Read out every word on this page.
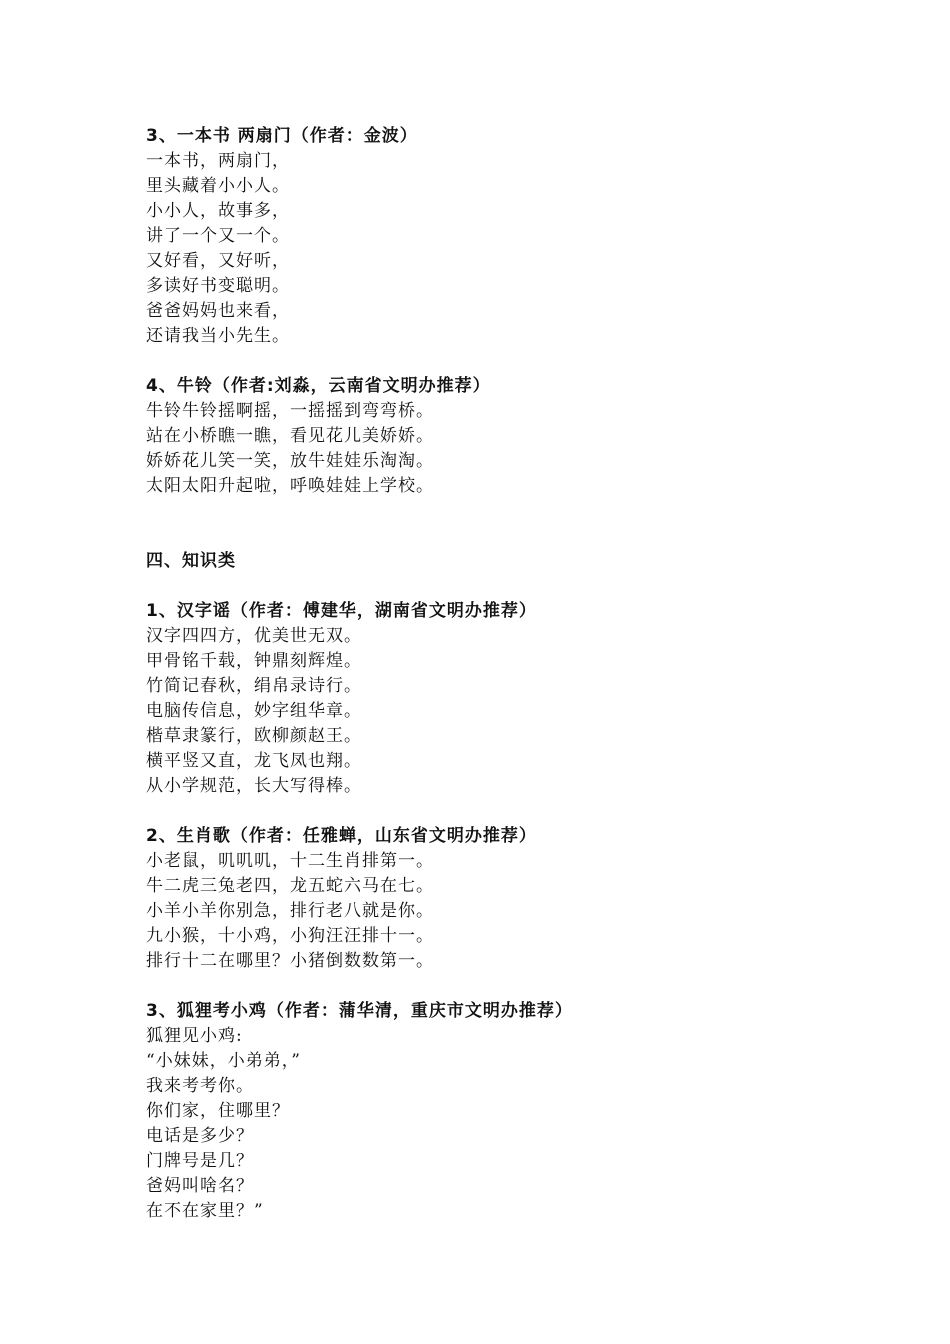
3、一本书 两扇门（作者：金波）
一本书，两扇门，
里头藏着小小人。
小小人，故事多，
讲了一个又一个。
又好看，又好听，
多读好书变聪明。
爸爸妈妈也来看，
还请我当小先生。
4、牛铃（作者:刘淼，云南省文明办推荐）
牛铃牛铃摇啊摇，一摇摇到弯弯桥。
站在小桥瞧一瞧，看见花儿美娇娇。
娇娇花儿笑一笑，放牛娃娃乐淘淘。
太阳太阳升起啦，呼唤娃娃上学校。
四、知识类
1、汉字谣（作者：傅建华，湖南省文明办推荐）
汉字四四方，优美世无双。
甲骨铭千载，钟鼎刻辉煌。
竹简记春秋，绢帛录诗行。
电脑传信息，妙字组华章。
楷草隶篆行，欧柳颜赵王。
横平竖又直，龙飞凤也翔。
从小学规范，长大写得棒。
2、生肖歌（作者：任雅蝉，山东省文明办推荐）
小老鼠，叽叽叽，十二生肖排第一。
牛二虎三兔老四，龙五蛇六马在七。
小羊小羊你别急，排行老八就是你。
九小猴，十小鸡，小狗汪汪排十一。
排行十二在哪里？小猪倒数数第一。
3、狐狸考小鸡（作者：蒲华清，重庆市文明办推荐）
狐狸见小鸡:
“小妹妹，小弟弟，”
我来考考你。
你们家，住哪里？
电话是多少？
门牌号是几？
爸妈叫啥名？
在不在家里？”
